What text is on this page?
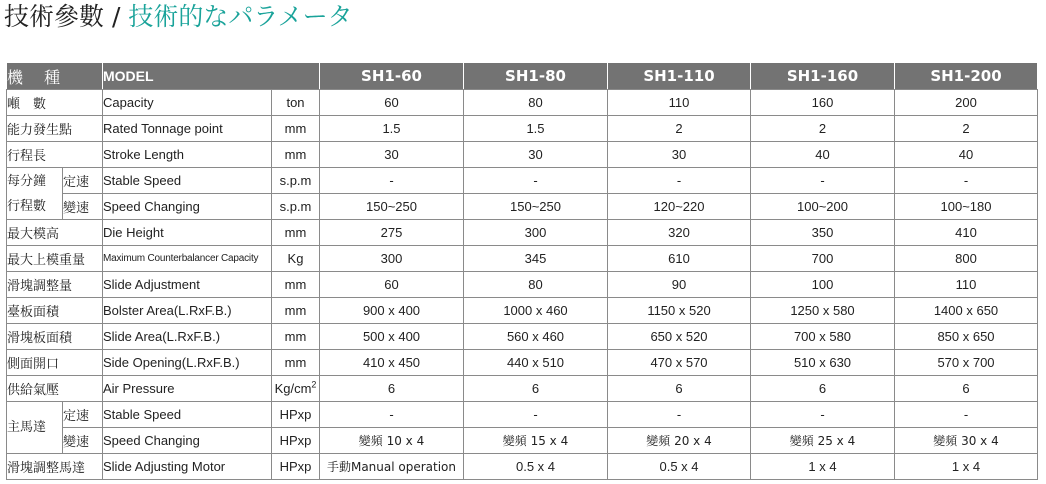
技術參數 / 技術的なパラメータ
機 種		MODEL		SH1-60	SH1-80	SH1-110	SH1-160	SH1-200
噸　數		Capacity	ton	60	80	110	160	200
能力發生點		Rated Tonnage point	mm	1.5	1.5	2	2	2
行程長		Stroke Length	mm	30	30	30	40	40
每分鐘
行程數	定速	Stable Speed	s.p.m	-	-	-	-	-
	變速	Speed Changing	s.p.m	150~250	150~250	120~220	100~200	100~180
最大模高		Die Height	mm	275	300	320	350	410
最大上模重量		Maximum Counterbalancer Capacity	Kg	300	345	610	700	800
滑塊調整量		Slide Adjustment	mm	60	80	90	100	110
臺板面積		Bolster Area(L.RxF.B.)	mm	900 x 400	1000 x 460	1150 x 520	1250 x 580	1400 x 650
滑塊板面積		Slide Area(L.RxF.B.)	mm	500 x 400	560 x 460	650 x 520	700 x 580	850 x 650
側面開口		Side Opening(L.RxF.B.)	mm	410 x 450	440 x 510	470 x 570	510 x 630	570 x 700
供給氣壓		Air Pressure	$Kg/cm^2$	6	6	6	6	6
主馬達	定速	Stable Speed	HPxp	-	-	-	-	-
	變速	Speed Changing	HPxp	變頻 10 x 4	變頻 15 x 4	變頻 20 x 4	變頻 25 x 4	變頻 30 x 4
滑塊調整馬達		Slide Adjusting Motor	HPxp	手動Manual operation	0.5 x 4	0.5 x 4	1 x 4	1 x 4
